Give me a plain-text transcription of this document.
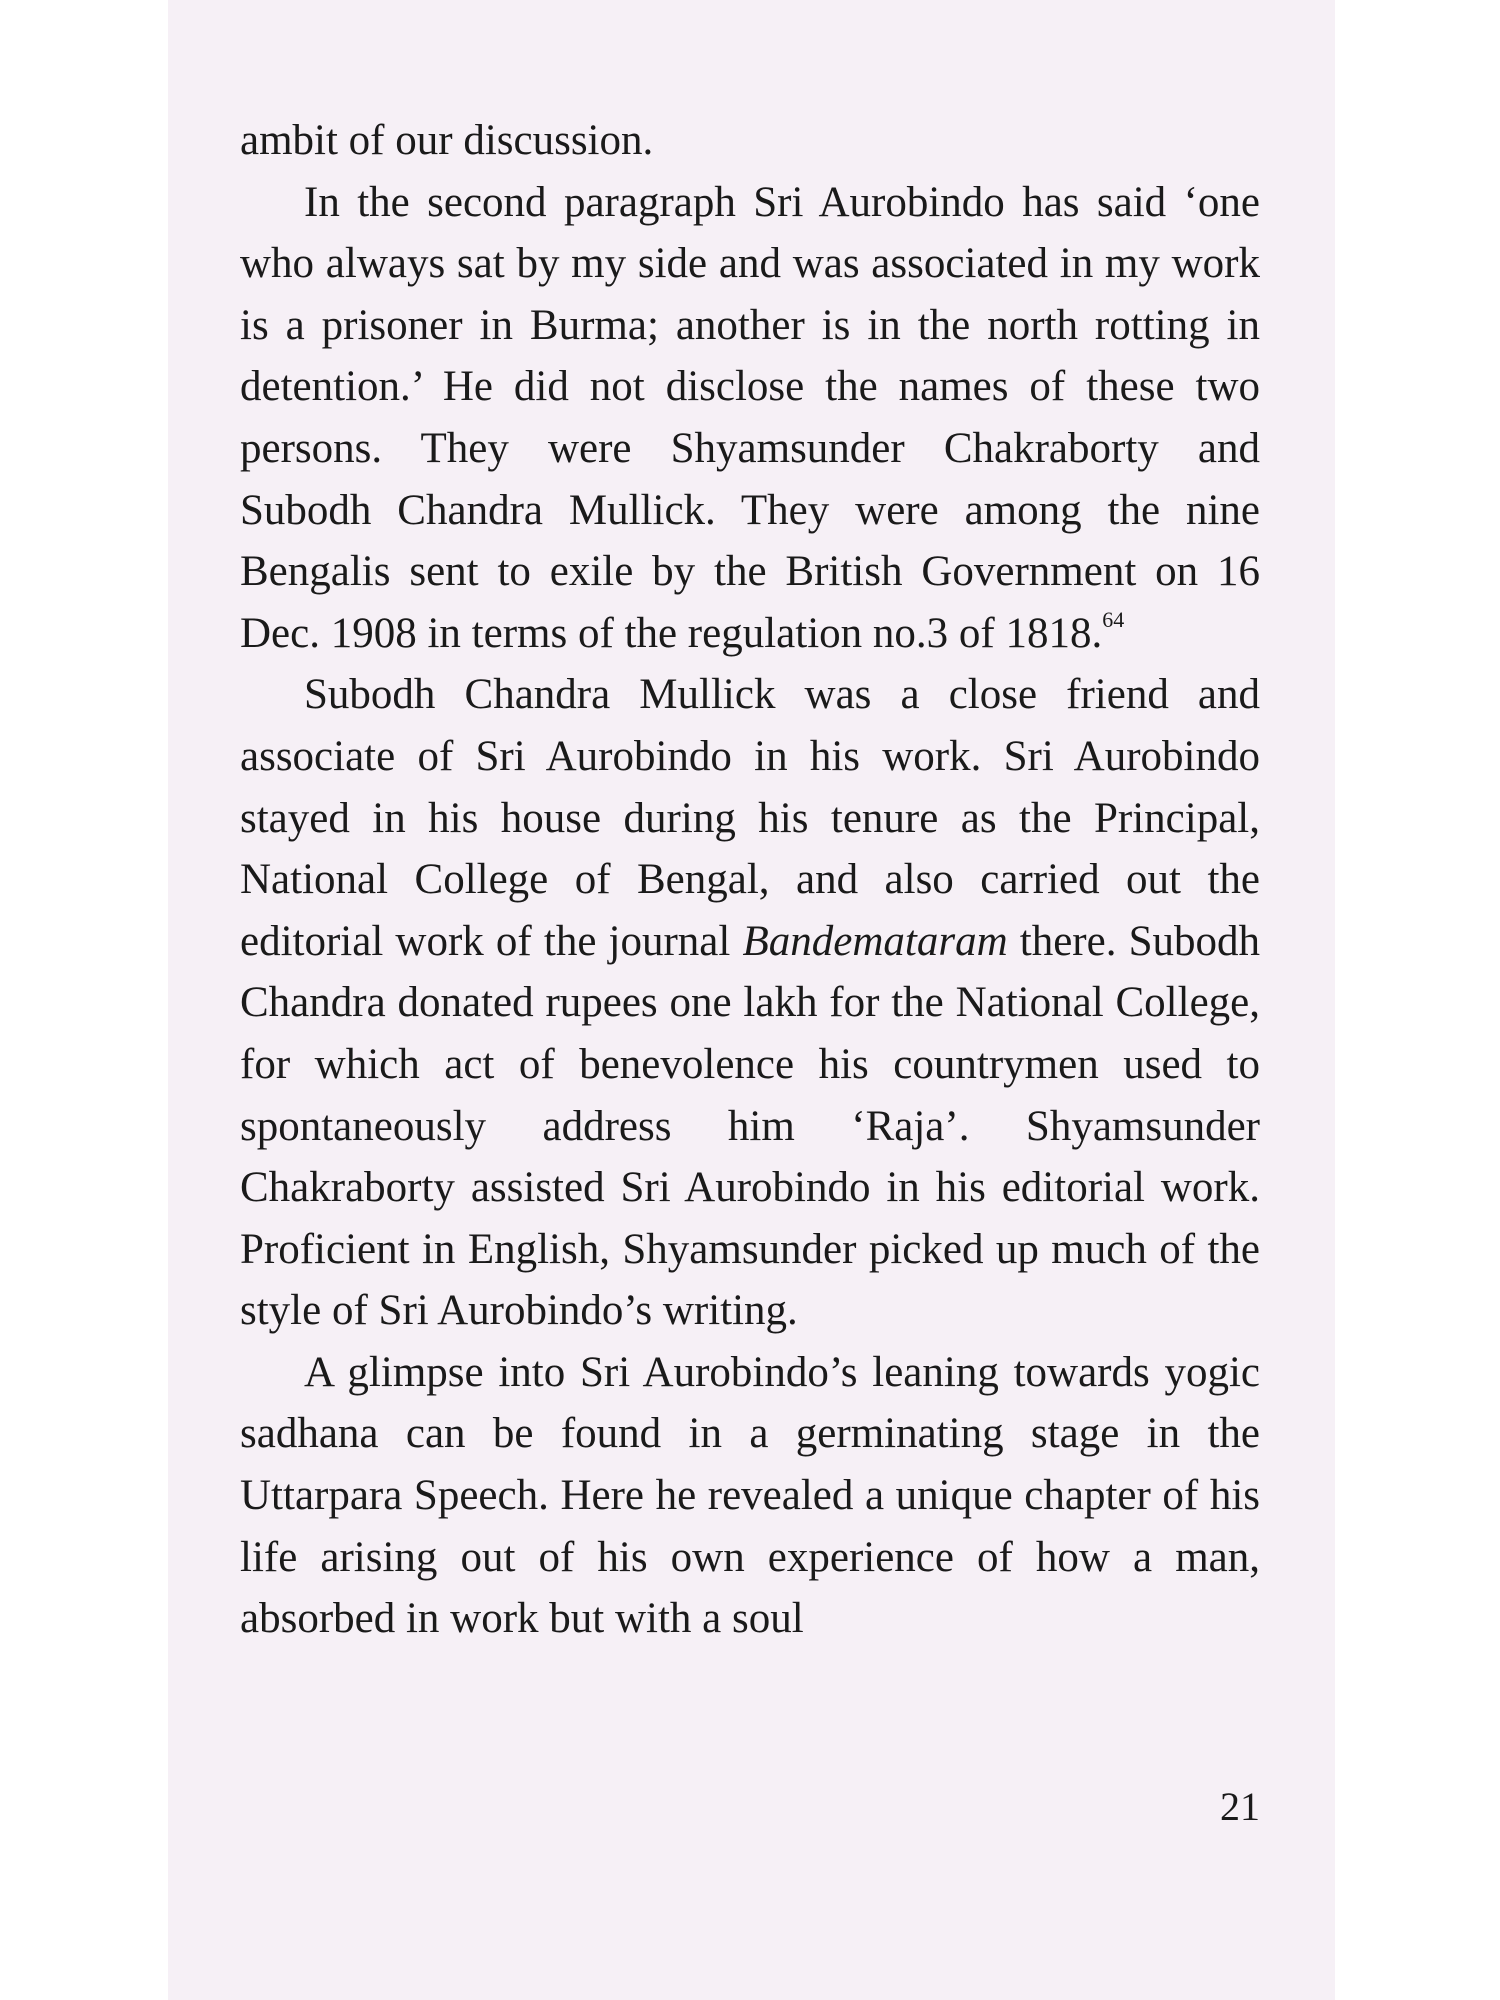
ambit of our discussion.

In the second paragraph Sri Aurobindo has said ‘one who always sat by my side and was associated in my work is a prisoner in Burma; another is in the north rotting in detention.’ He did not disclose the names of these two persons. They were Shyamsunder Chakraborty and Subodh Chandra Mullick. They were among the nine Bengalis sent to exile by the British Government on 16 Dec. 1908 in terms of the regulation no.3 of 1818.64

Subodh Chandra Mullick was a close friend and associate of Sri Aurobindo in his work. Sri Aurobindo stayed in his house during his tenure as the Principal, National College of Bengal, and also carried out the editorial work of the journal Bandemataram there. Subodh Chandra donated rupees one lakh for the National College, for which act of benevolence his countrymen used to spontaneously address him ‘Raja’. Shyamsunder Chakraborty assisted Sri Aurobindo in his editorial work. Proficient in English, Shyamsunder picked up much of the style of Sri Aurobindo’s writing.

A glimpse into Sri Aurobindo’s leaning towards yogic sadhana can be found in a germinating stage in the Uttarpara Speech. Here he revealed a unique chapter of his life arising out of his own experience of how a man, absorbed in work but with a soul

21
